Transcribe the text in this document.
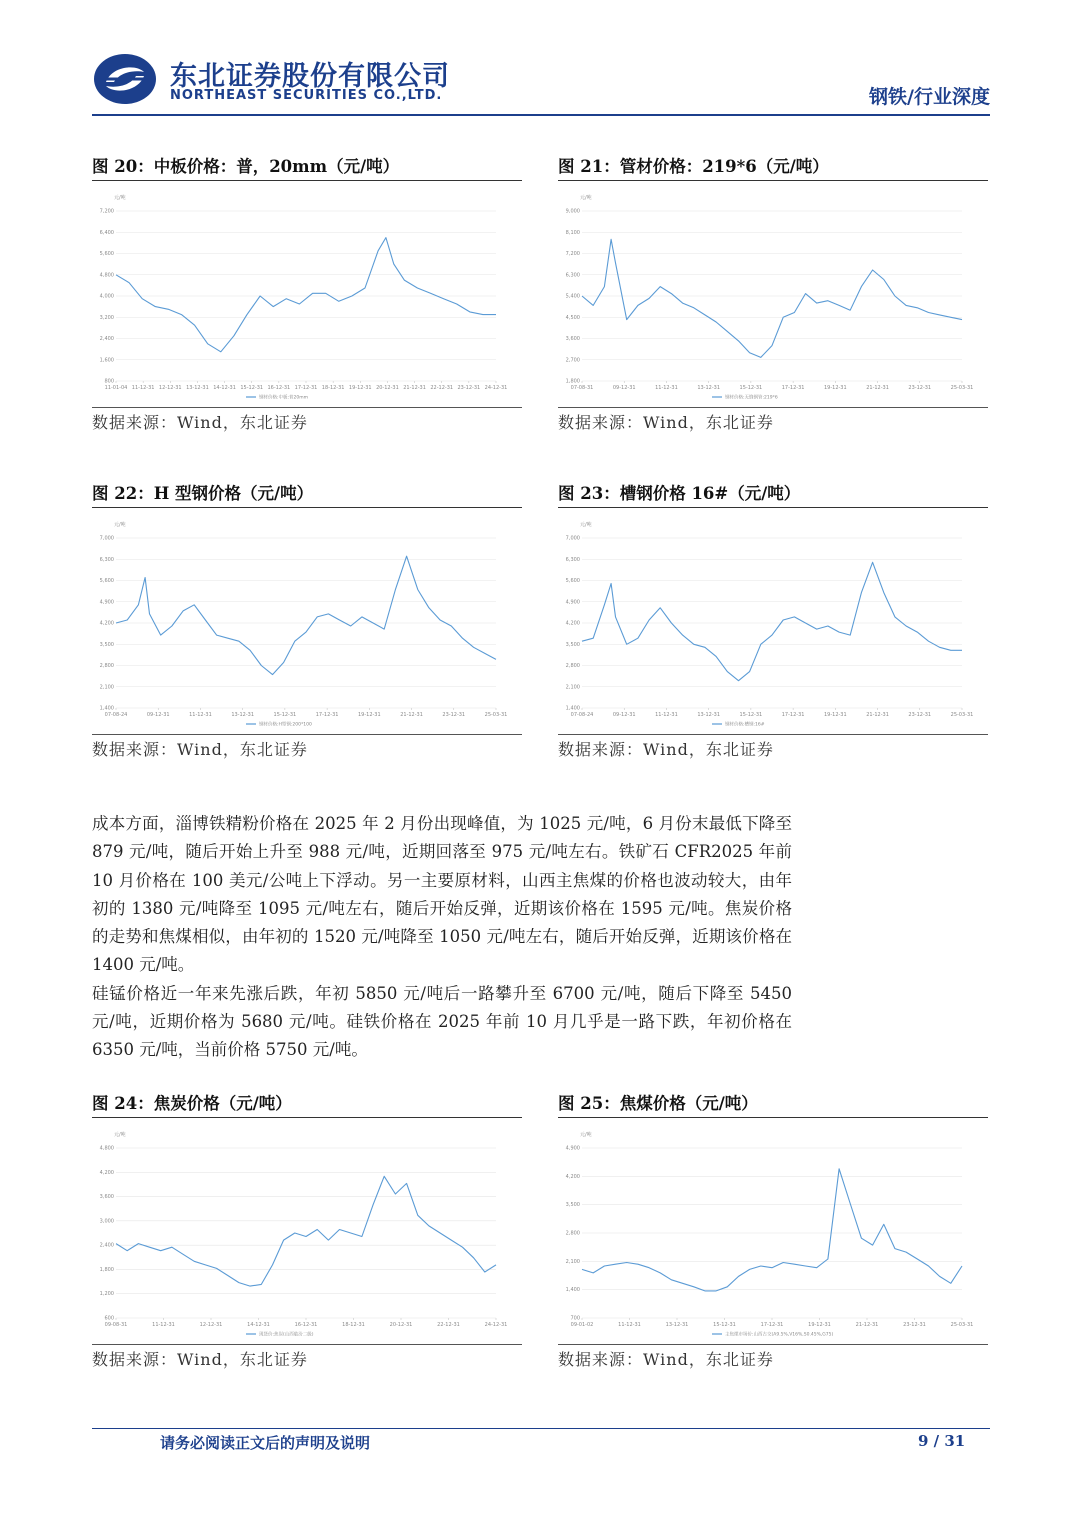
东北证券股份有限公司
NORTHEAST SECURITIES CO.,LTD.	钢铁/行业深度
图 20：中板价格：普，20mm（元/吨）
元/吨
800
1,600
2,400
3,200
4,000
4,800
5,600
6,400
7,200
11-01-04 11-12-31 12-12-31 13-12-31 14-12-31 15-12-31 16-12-31 17-12-31 18-12-31 19-12-31 20-12-31 21-12-31 22-12-31 23-12-31 24-12-31
钢材价格:中板:普20mm
数据来源：Wind，东北证券
图 21：管材价格：219*6（元/吨）
元/吨
1,800
2,700
3,600
4,500
5,400
6,300
7,200
8,100
9,000
07-08-31	09-12-31	11-12-31	13-12-31	15-12-31	17-12-31	19-12-31	21-12-31	23-12-31	25-03-31
钢材价格:无缝钢管:219*6
数据来源：Wind，东北证券
图 22：H 型钢价格（元/吨）
元/吨
1,400
2,100
2,800
3,500
4,200
4,900
5,600
6,300
7,000
07-08-24	09-12-31	11-12-31	13-12-31	15-12-31	17-12-31	19-12-31	21-12-31	23-12-31	25-03-31
钢材价格:H型钢:200*100
数据来源：Wind，东北证券
图 23：槽钢价格 16#（元/吨）
元/吨
1,400
2,100
2,800
3,500
4,200
4,900
5,600
6,300
7,000
07-08-24	09-12-31	11-12-31	13-12-31	15-12-31	17-12-31	19-12-31	21-12-31	23-12-31	25-03-31
钢材价格:槽钢:16#
数据来源：Wind，东北证券

成本方面，淄博铁精粉价格在 2025 年 2 月份出现峰值，为 1025 元/吨，6 月份末最低下降至 879 元/吨，随后开始上升至 988 元/吨，近期回落至 975 元/吨左右。铁矿石 CFR2025 年前 10 月价格在 100 美元/公吨上下浮动。另一主要原材料，山西主焦煤的价格也波动较大，由年初的 1380 元/吨降至 1095 元/吨左右，随后开始反弹，近期该价格在 1595 元/吨。焦炭价格的走势和焦煤相似，由年初的 1520 元/吨降至 1050 元/吨左右，随后开始反弹，近期该价格在 1400 元/吨。

硅锰价格近一年来先涨后跌，年初 5850 元/吨后一路攀升至 6700 元/吨，随后下降至 5450 元/吨，近期价格为 5680 元/吨。硅铁价格在 2025 年前 10 月几乎是一路下跌，年初价格在 6350 元/吨，当前价格 5750 元/吨。

图 24：焦炭价格（元/吨）
元/吨
600
1,200
1,800
2,400
3,000
3,600
4,200
4,800
09-08-31	11-12-31	12-12-31	14-12-31	16-12-31	18-12-31	20-12-31	22-12-31	24-12-31
现货价:焦炭(山西临汾二级)
数据来源：Wind，东北证券
图 25：焦煤价格（元/吨）
元/吨
700
1,400
2,100
2,800
3,500
4,200
4,900
09-01-02	11-12-31	13-12-31	15-12-31	17-12-31	19-12-31	21-12-31	23-12-31	25-03-31
主焦煤市场价:山西古交(A9.5%,V16%,S0.45%,G75)
数据来源：Wind，东北证券
请务必阅读正文后的声明及说明	9 / 31
